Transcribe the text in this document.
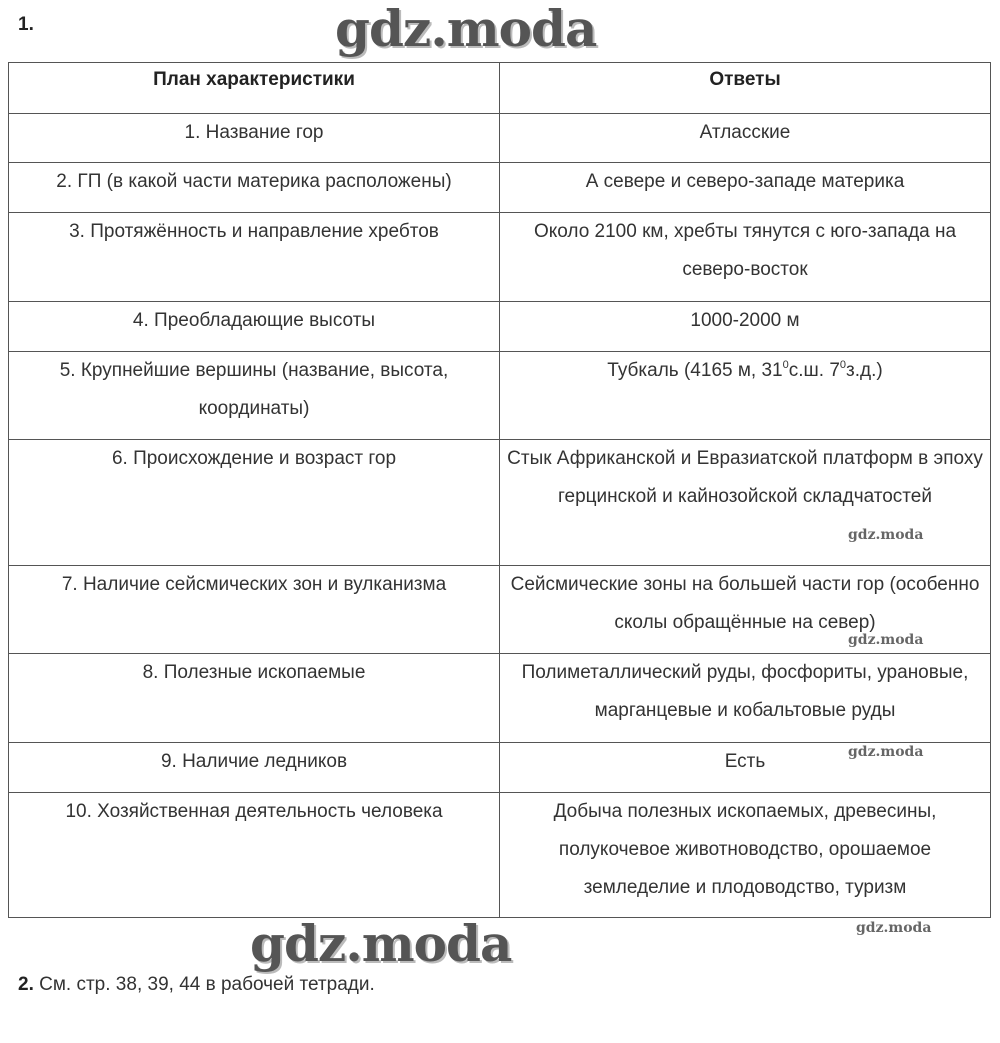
1.
План характеристики	Ответы
1. Название гор	Атласские
2. ГП (в какой части материка расположены)	А севере и северо-западе материка
3. Протяжённость и направление хребтов	Около 2100 км, хребты тянутся с юго-запада на северо-восток
4. Преобладающие высоты	1000-2000 м
5. Крупнейшие вершины (название, высота, координаты)	Тубкаль (4165 м, $31^0с.ш$. $7^0з.д$.)
6. Происхождение и возраст гор	Стык Африканской и Евразиатской платформ в эпоху герцинской и кайнозойской складчатостей
7. Наличие сейсмических зон и вулканизма	Сейсмические зоны на большей части гор (особенно сколы обращённые на север)
8. Полезные ископаемые	Полиметаллический руды, фосфориты, урановые, марганцевые и кобальтовые руды
9. Наличие ледников	Есть
10. Хозяйственная деятельность человека	Добыча полезных ископаемых, древесины, полукочевое животноводство, орошаемое земледелие и плодоводство, туризм
gdz.moda
gdz.moda
gdz.moda
gdz.moda
gdz.moda
gdz.moda
2. См. стр. 38, 39, 44 в рабочей тетради.
